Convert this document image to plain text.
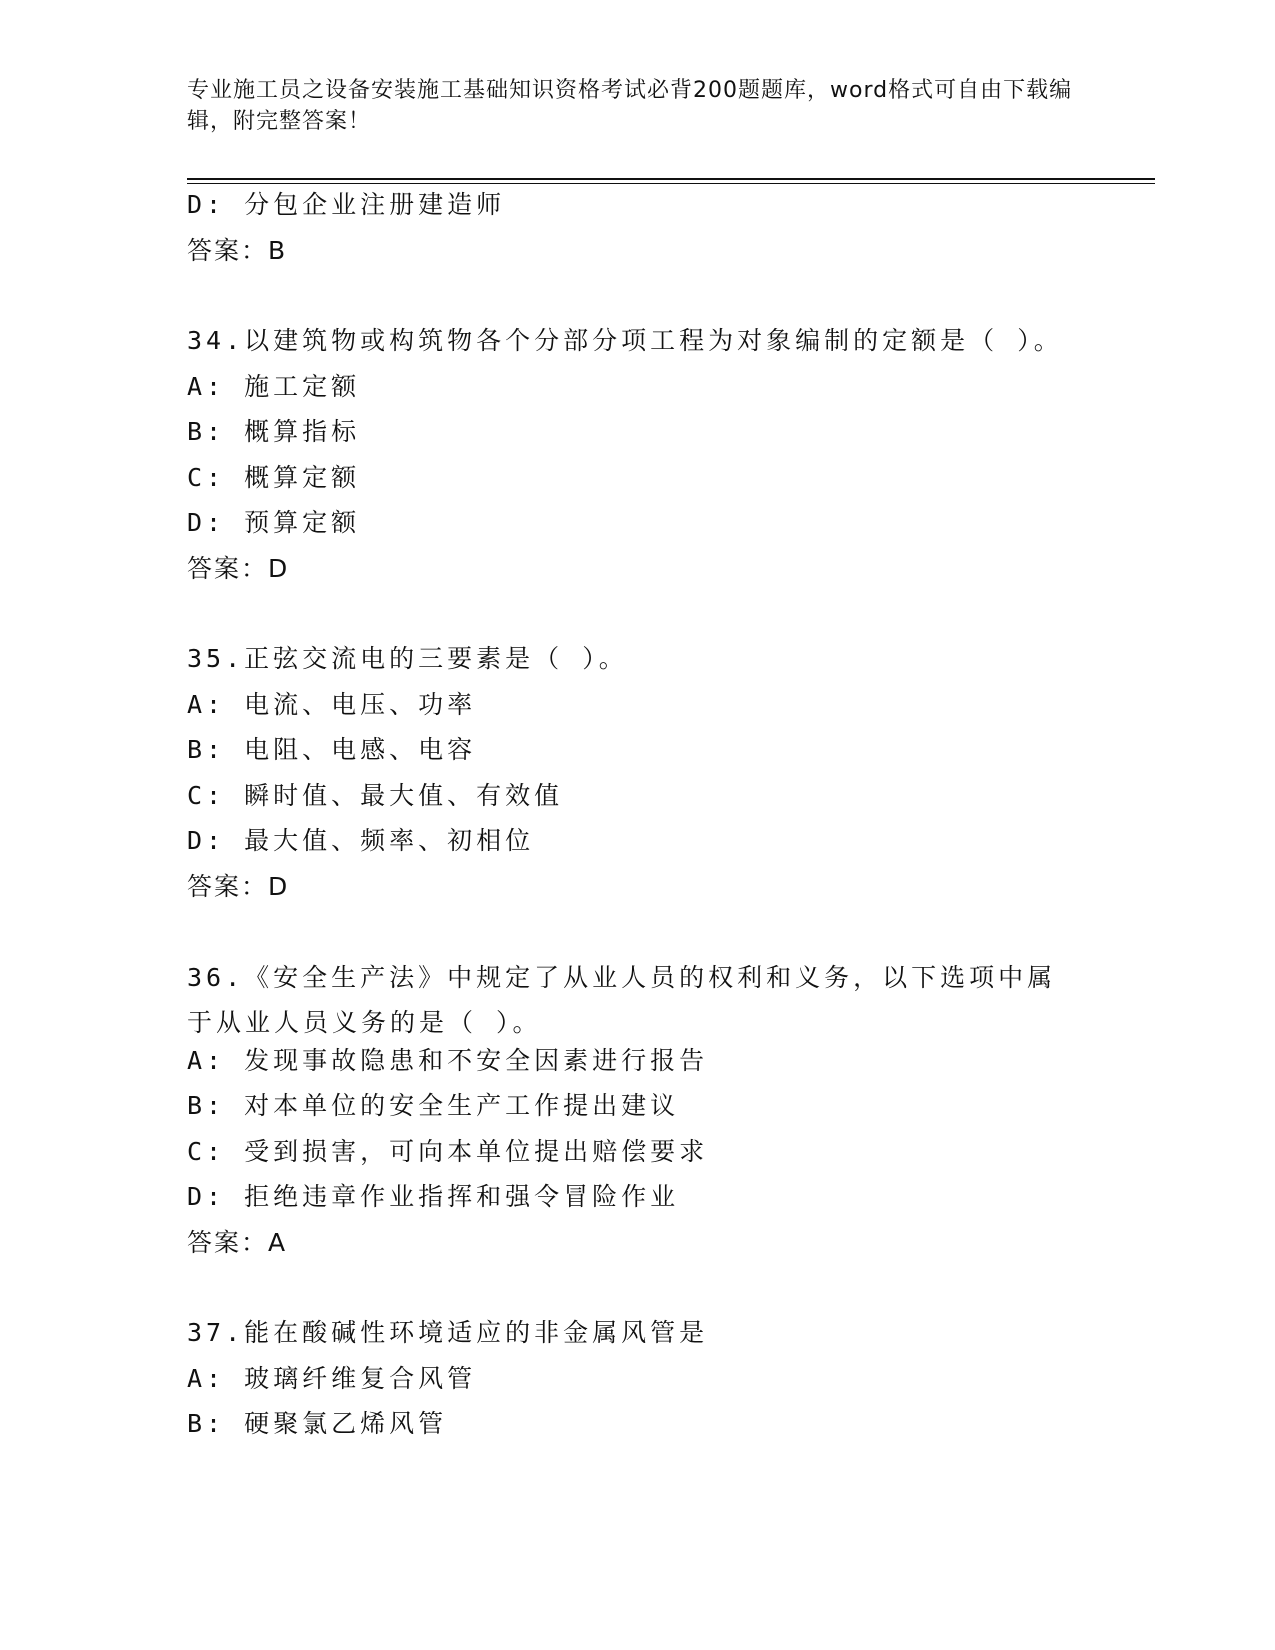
专业施工员之设备安装施工基础知识资格考试必背200题题库，word格式可自由下载编辑，附完整答案！
D: 分包企业注册建造师
答案：B
34.以建筑物或构筑物各个分部分项工程为对象编制的定额是（ ）。
A: 施工定额
B: 概算指标
C: 概算定额
D: 预算定额
答案：D
35.正弦交流电的三要素是（ ）。
A: 电流、电压、功率
B: 电阻、电感、电容
C: 瞬时值、最大值、有效值
D: 最大值、频率、初相位
答案：D
36.《安全生产法》中规定了从业人员的权利和义务，以下选项中属于从业人员义务的是（ ）。
A: 发现事故隐患和不安全因素进行报告
B: 对本单位的安全生产工作提出建议
C: 受到损害，可向本单位提出赔偿要求
D: 拒绝违章作业指挥和强令冒险作业
答案：A
37.能在酸碱性环境适应的非金属风管是
A: 玻璃纤维复合风管
B: 硬聚氯乙烯风管
